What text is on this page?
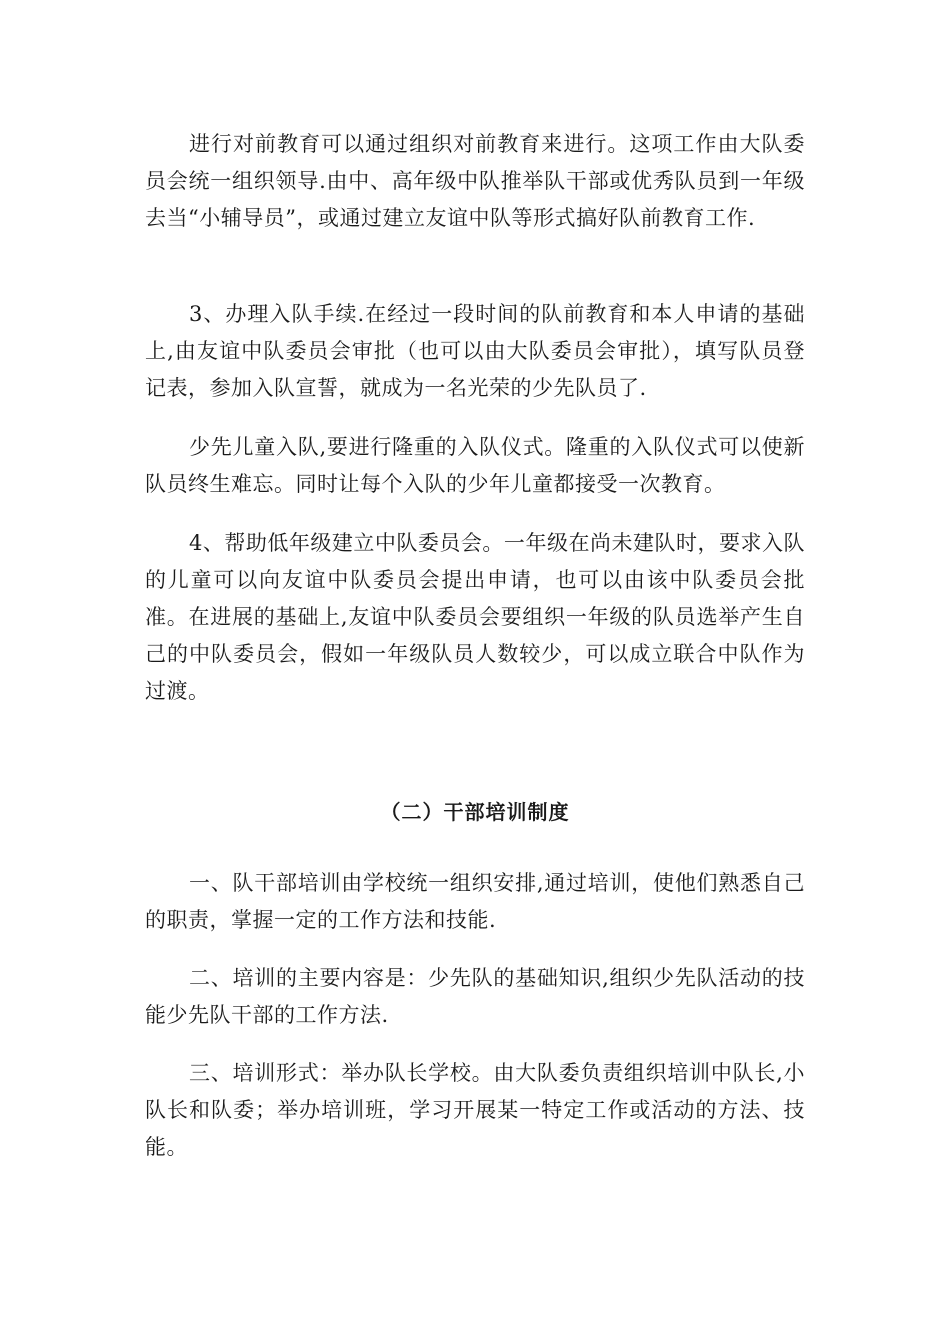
进行对前教育可以通过组织对前教育来进行。这项工作由大队委员会统一组织领导.由中、高年级中队推举队干部或优秀队员到一年级去当“小辅导员”，或通过建立友谊中队等形式搞好队前教育工作.

3、办理入队手续.在经过一段时间的队前教育和本人申请的基础上,由友谊中队委员会审批（也可以由大队委员会审批），填写队员登记表，参加入队宣誓，就成为一名光荣的少先队员了.

少先儿童入队,要进行隆重的入队仪式。隆重的入队仪式可以使新队员终生难忘。同时让每个入队的少年儿童都接受一次教育。

4、帮助低年级建立中队委员会。一年级在尚未建队时，要求入队的儿童可以向友谊中队委员会提出申请，也可以由该中队委员会批准。在进展的基础上,友谊中队委员会要组织一年级的队员选举产生自己的中队委员会，假如一年级队员人数较少，可以成立联合中队作为过渡。

（二）干部培训制度

一、队干部培训由学校统一组织安排,通过培训，使他们熟悉自己的职责，掌握一定的工作方法和技能.

二、培训的主要内容是：少先队的基础知识,组织少先队活动的技能少先队干部的工作方法.

三、培训形式：举办队长学校。由大队委负责组织培训中队长,小队长和队委；举办培训班，学习开展某一特定工作或活动的方法、技能。
